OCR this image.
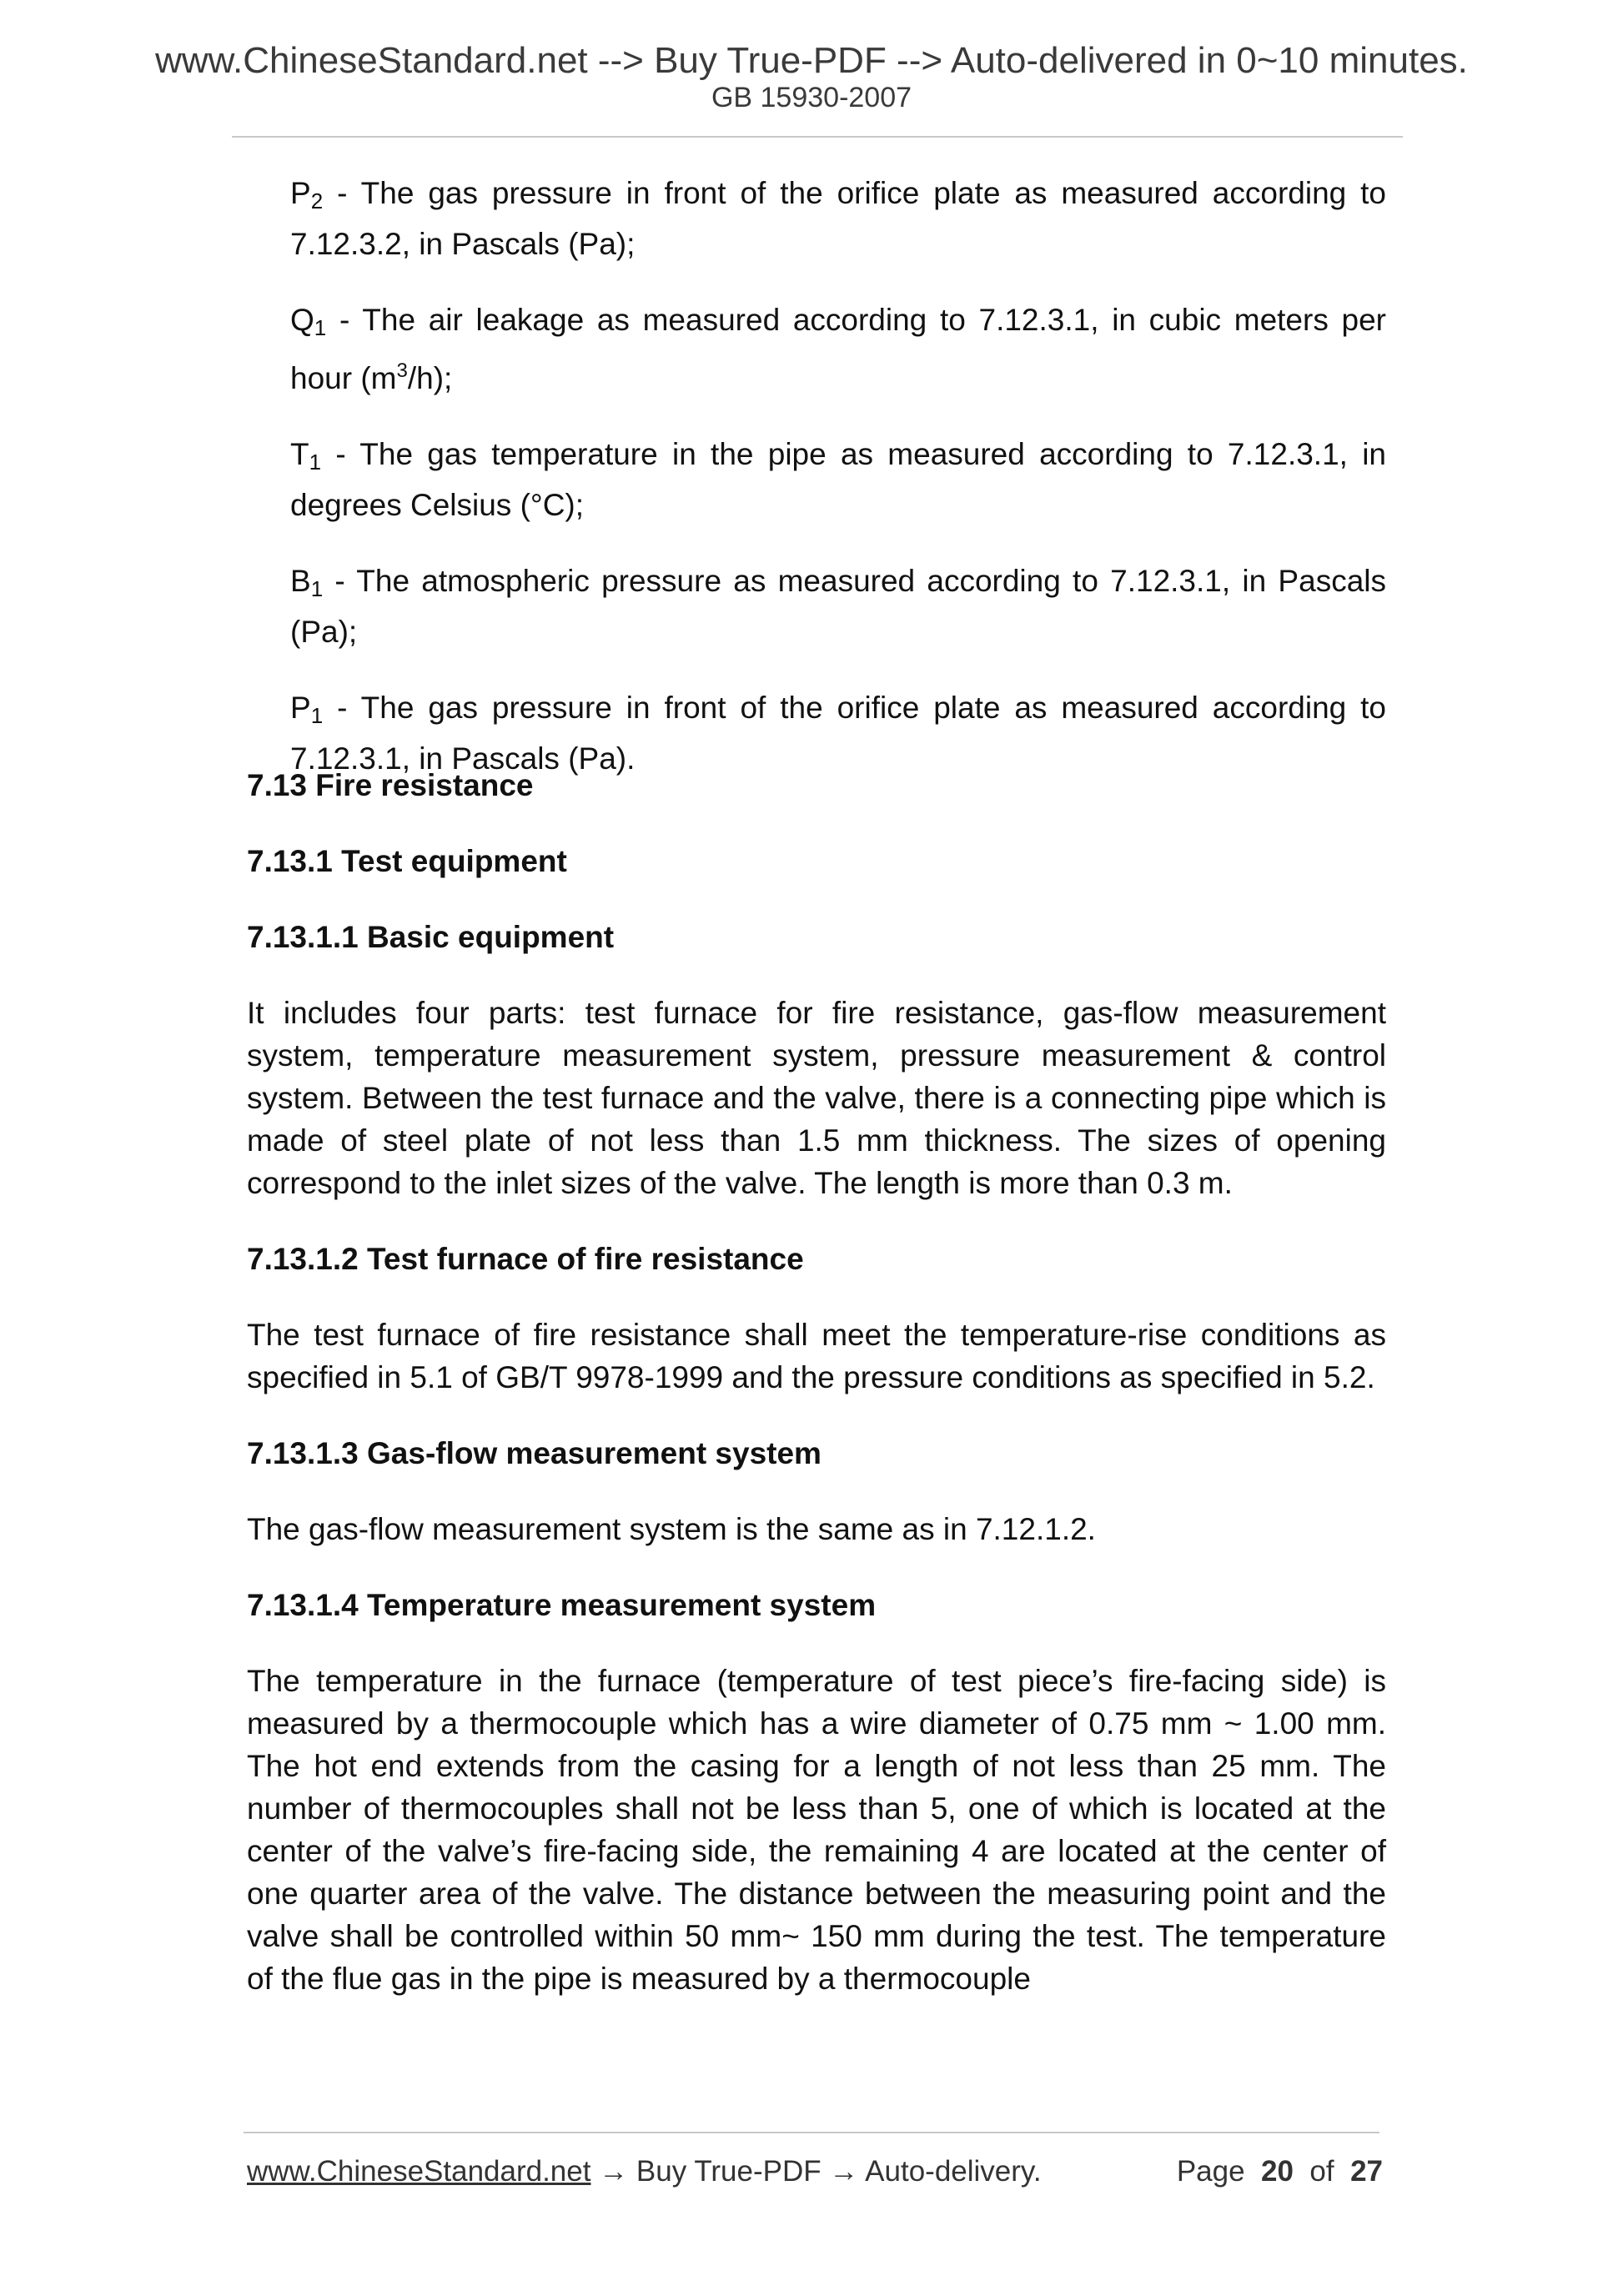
www.ChineseStandard.net --> Buy True-PDF --> Auto-delivered in 0~10 minutes.
GB 15930-2007

$P_2$ - The gas pressure in front of the orifice plate as measured according to 7.12.3.2, in Pascals (Pa);

$Q_1$ - The air leakage as measured according to 7.12.3.1, in cubic meters per hour $(m^3/h)$;

$T_1$ - The gas temperature in the pipe as measured according to 7.12.3.1, in degrees Celsius (°C);

$B_1$ - The atmospheric pressure as measured according to 7.12.3.1, in Pascals (Pa);

$P_1$ - The gas pressure in front of the orifice plate as measured according to 7.12.3.1, in Pascals (Pa).

7.13 Fire resistance

7.13.1 Test equipment

7.13.1.1 Basic equipment

It includes four parts: test furnace for fire resistance, gas-flow measurement system, temperature measurement system, pressure measurement & control system. Between the test furnace and the valve, there is a connecting pipe which is made of steel plate of not less than 1.5 mm thickness. The sizes of opening correspond to the inlet sizes of the valve. The length is more than 0.3 m.

7.13.1.2 Test furnace of fire resistance

The test furnace of fire resistance shall meet the temperature-rise conditions as specified in 5.1 of GB/T 9978-1999 and the pressure conditions as specified in 5.2.

7.13.1.3 Gas-flow measurement system

The gas-flow measurement system is the same as in 7.12.1.2.

7.13.1.4 Temperature measurement system

The temperature in the furnace (temperature of test piece’s fire-facing side) is measured by a thermocouple which has a wire diameter of 0.75 mm ~ 1.00 mm. The hot end extends from the casing for a length of not less than 25 mm. The number of thermocouples shall not be less than 5, one of which is located at the center of the valve’s fire-facing side, the remaining 4 are located at the center of one quarter area of the valve. The distance between the measuring point and the valve shall be controlled within 50 mm~ 150 mm during the test. The temperature of the flue gas in the pipe is measured by a thermocouple

www.ChineseStandard.net → Buy True-PDF → Auto-delivery.	Page 20 of 27
